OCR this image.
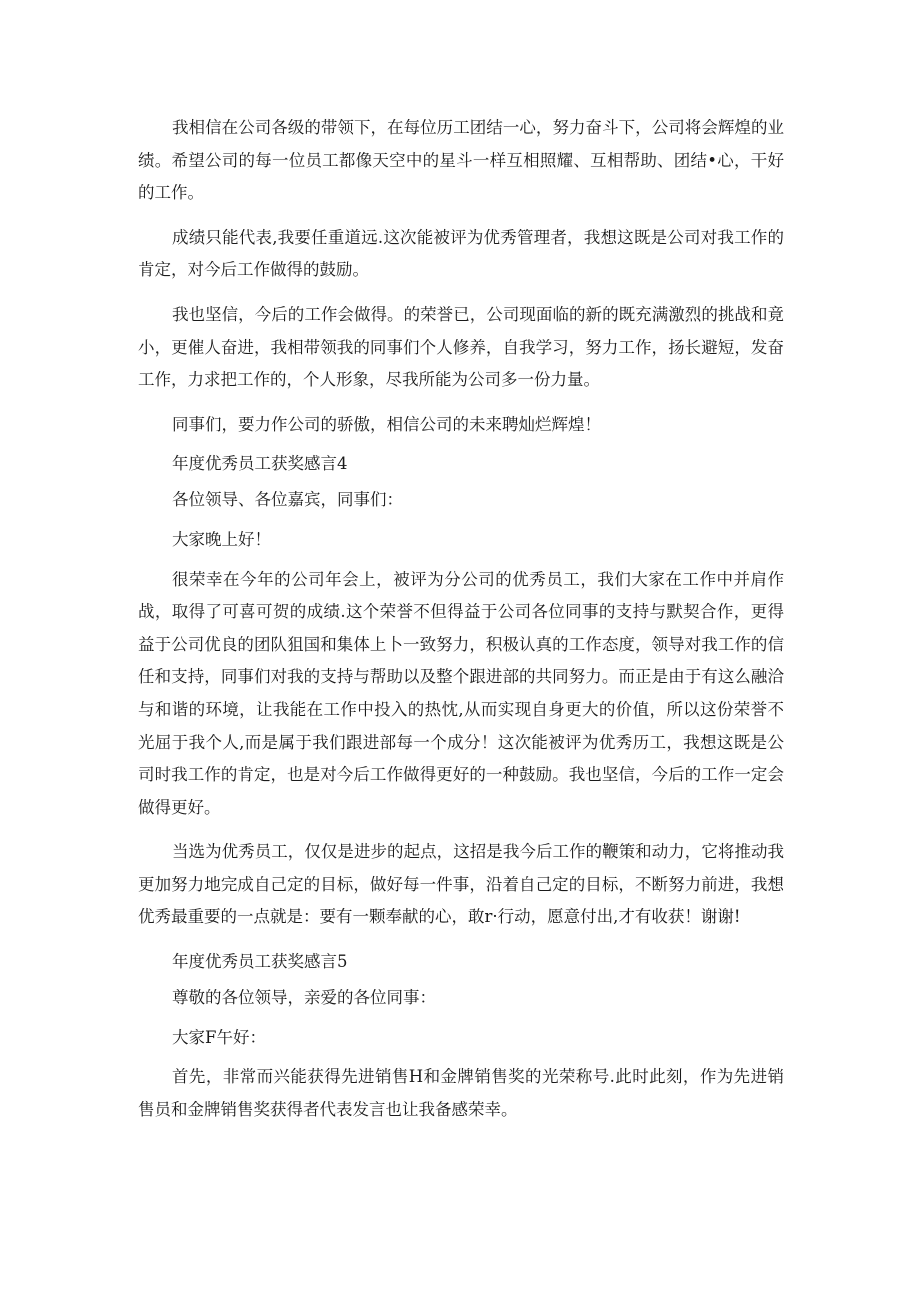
我相信在公司各级的带领下，在每位历工团结一心，努力奋斗下，公司将会辉煌的业绩。希望公司的每一位员工都像天空中的星斗一样互相照耀、互相帮助、团结•心，干好的工作。

成绩只能代表,我要任重道远.这次能被评为优秀管理者，我想这既是公司对我工作的肯定，对今后工作做得的鼓励。

我也坚信，今后的工作会做得。的荣誉已，公司现面临的新的既充满激烈的挑战和竟小，更催人奋进，我相带领我的同事们个人修养，自我学习，努力工作，扬长避短，发奋工作，力求把工作的，个人形象，尽我所能为公司多一份力量。

同事们，要力作公司的骄傲，相信公司的未来聘灿烂辉煌！

年度优秀员工获奖感言4

各位领导、各位嘉宾，同事们：

大家晚上好！

很荣幸在今年的公司年会上，被评为分公司的优秀员工，我们大家在工作中并肩作战，取得了可喜可贺的成绩.这个荣誉不但得益于公司各位同事的支持与默契合作，更得益于公司优良的团队狙国和集体上卜一致努力，积极认真的工作态度，领导对我工作的信任和支持，同事们对我的支持与帮助以及整个跟进部的共同努力。而正是由于有这么融洽与和谐的环境，让我能在工作中投入的热忱,从而实现自身更大的价值，所以这份荣誉不光屈于我个人,而是属于我们跟进部每一个成分！这次能被评为优秀历工，我想这既是公司时我工作的肯定，也是对今后工作做得更好的一种鼓励。我也坚信，今后的工作一定会做得更好。

当选为优秀员工，仅仅是进步的起点，这招是我今后工作的鞭策和动力，它将推动我更加努力地完成自己定的目标，做好每一件事，沿着自己定的目标，不断努力前进，我想优秀最重要的一点就是：要有一颗奉献的心，敢r·行动，愿意付出,才有收获！谢谢!

年度优秀员工获奖感言5

尊敬的各位领导，亲爱的各位同事：

大家F午好：

首先，非常而兴能获得先进销售H和金牌销售奖的光荣称号.此时此刻，作为先进销售员和金牌销售奖获得者代表发言也让我备感荣幸。
